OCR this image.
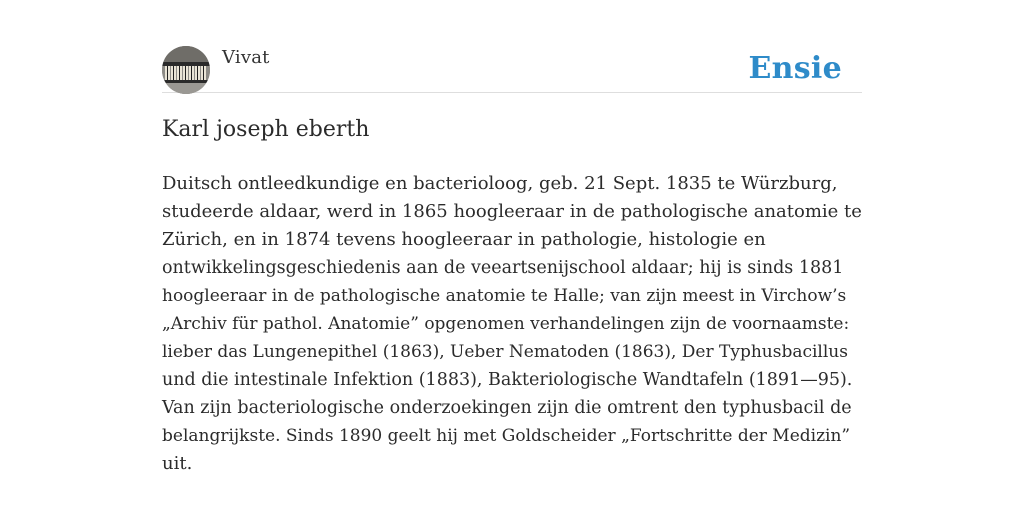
Vivat	Ensie
Karl joseph eberth

Duitsch ontleedkundige en bacterioloog, geb. 21 Sept. 1835 te Würzburg,
studeerde aldaar, werd in 1865 hoogleeraar in de pathologische anatomie te
Zürich, en in 1874 tevens hoogleeraar in pathologie, histologie en
ontwikkelingsgeschiedenis aan de veeartsenijschool aldaar; hij is sinds 1881
hoogleeraar in de pathologische anatomie te Halle; van zijn meest in Virchow’s
„Archiv für pathol. Anatomie” opgenomen verhandelingen zijn de voornaamste:
lieber das Lungenepithel (1863), Ueber Nematoden (1863), Der Typhusbacillus
und die intestinale Infektion (1883), Bakteriologische Wandtafeln (1891—95).
Van zijn bacteriologische onderzoekingen zijn die omtrent den typhusbacil de
belangrijkste. Sinds 1890 geelt hij met Goldscheider „Fortschritte der Medizin”
uit.
